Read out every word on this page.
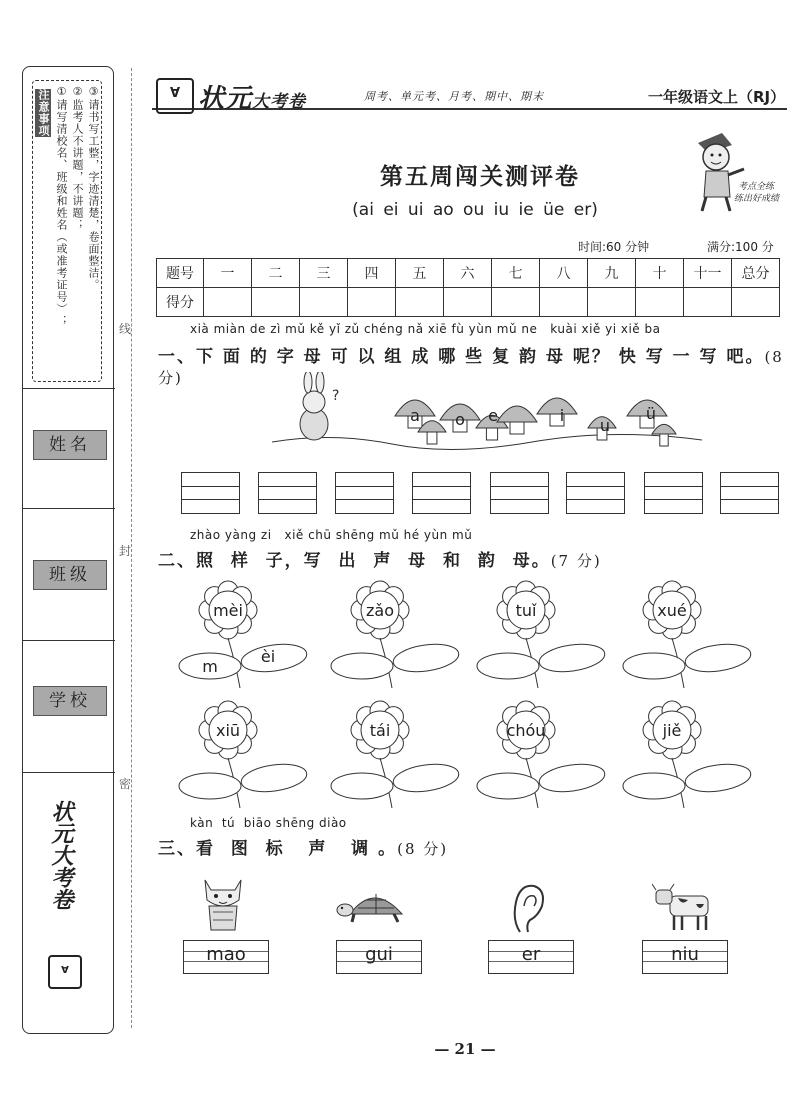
注意事项 ①请写清校名、班级和姓名（或准考证号）； ②监考人不讲题，不讲题； ③请书写工整，字迹清楚，卷面整洁。
姓名
班级
学校
状元大考卷
Ɐ
线
封
密
Ɐ 状元大考卷	周考、单元考、月考、期中、期末	一年级语文上（RJ）
第五周闯关测评卷
(ai ei ui ao ou iu ie üe er)
考点全练
练出好成绩
时间:60 分钟	满分:100 分
题号	一	二	三	四	五	六	七	八	九	十	十一	总分
得分												
xià miàn de zì mǔ kě yǐ zǔ chéng nǎ xiē fù yùn mǔ ne   kuài xiě yi xiě ba
一、下 面 的 字 母 可 以 组 成 哪 些 复 韵 母 呢？ 快 写 一 写 吧。(8 分)
?
a	o	e	i
u
ü
zhào yàng zi   xiě chū shēng mǔ hé yùn mǔ
二、照  样  子，写  出  声  母  和  韵  母。(7 分)
mèi
m
èi
zǎo	tuǐ	xué
xiū	tái	chóu	jiě
kàn  tú  biāo shēng diào
三、看  图  标   声   调 。(8 分)
mao	gui	er	niu
— 21 —
